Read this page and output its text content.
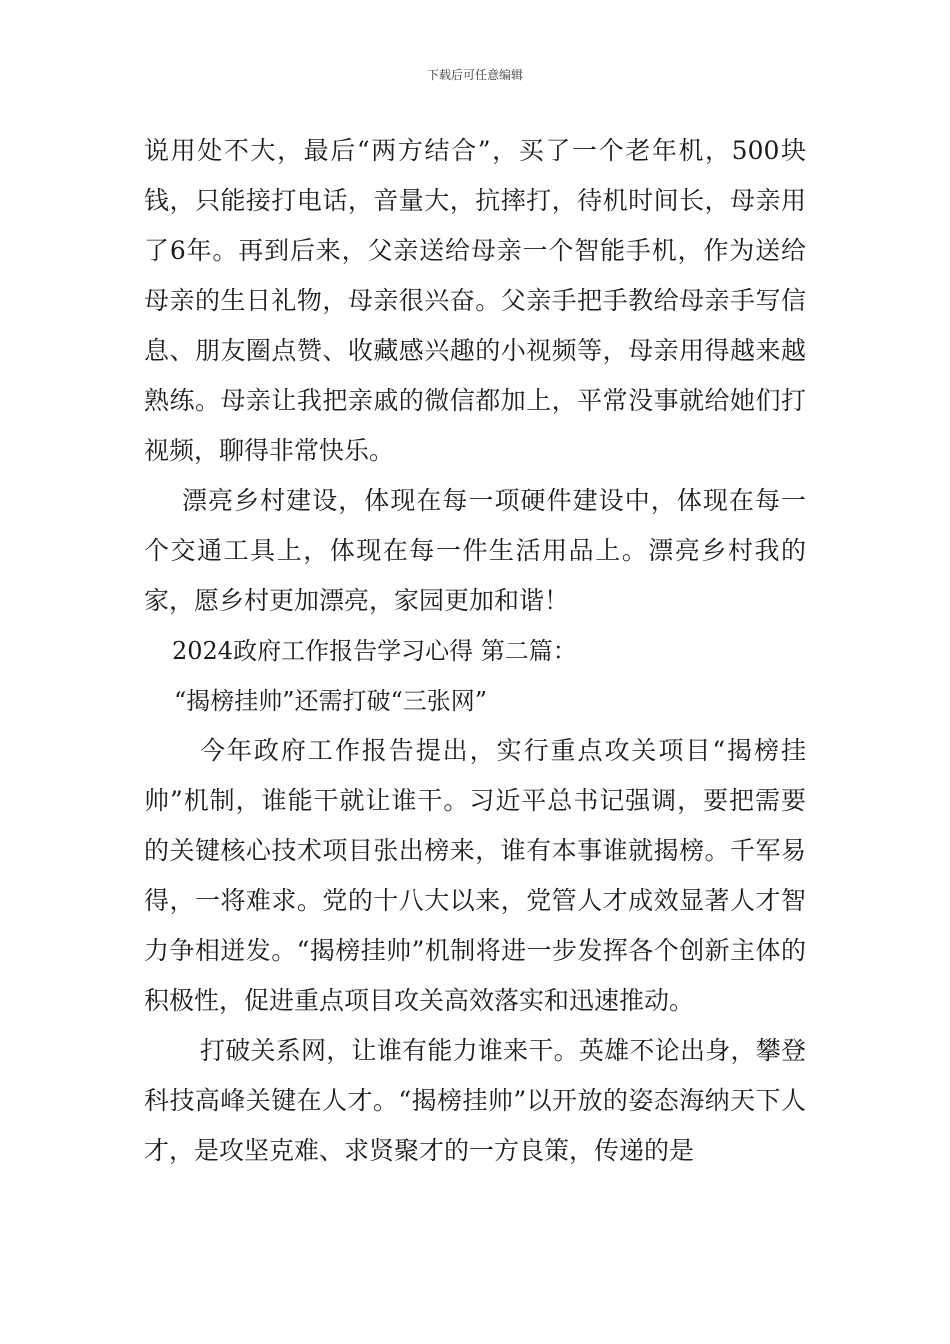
下载后可任意编辑

说用处不大，最后“两方结合”，买了一个老年机，500块钱，只能接打电话，音量大，抗摔打，待机时间长，母亲用了6年。再到后来，父亲送给母亲一个智能手机，作为送给母亲的生日礼物，母亲很兴奋。父亲手把手教给母亲手写信息、朋友圈点赞、收藏感兴趣的小视频等，母亲用得越来越熟练。母亲让我把亲戚的微信都加上，平常没事就给她们打视频，聊得非常快乐。

漂亮乡村建设，体现在每一项硬件建设中，体现在每一个交通工具上，体现在每一件生活用品上。漂亮乡村我的家，愿乡村更加漂亮，家园更加和谐！

2024政府工作报告学习心得 第二篇：

“揭榜挂帅”还需打破“三张网”

今年政府工作报告提出，实行重点攻关项目“揭榜挂帅”机制，谁能干就让谁干。习近平总书记强调，要把需要的关键核心技术项目张出榜来，谁有本事谁就揭榜。千军易得，一将难求。党的十八大以来，党管人才成效显著人才智力争相迸发。“揭榜挂帅”机制将进一步发挥各个创新主体的积极性，促进重点项目攻关高效落实和迅速推动。

打破关系网，让谁有能力谁来干。英雄不论出身，攀登科技高峰关键在人才。“揭榜挂帅”以开放的姿态海纳天下人才，是攻坚克难、求贤聚才的一方良策，传递的是
